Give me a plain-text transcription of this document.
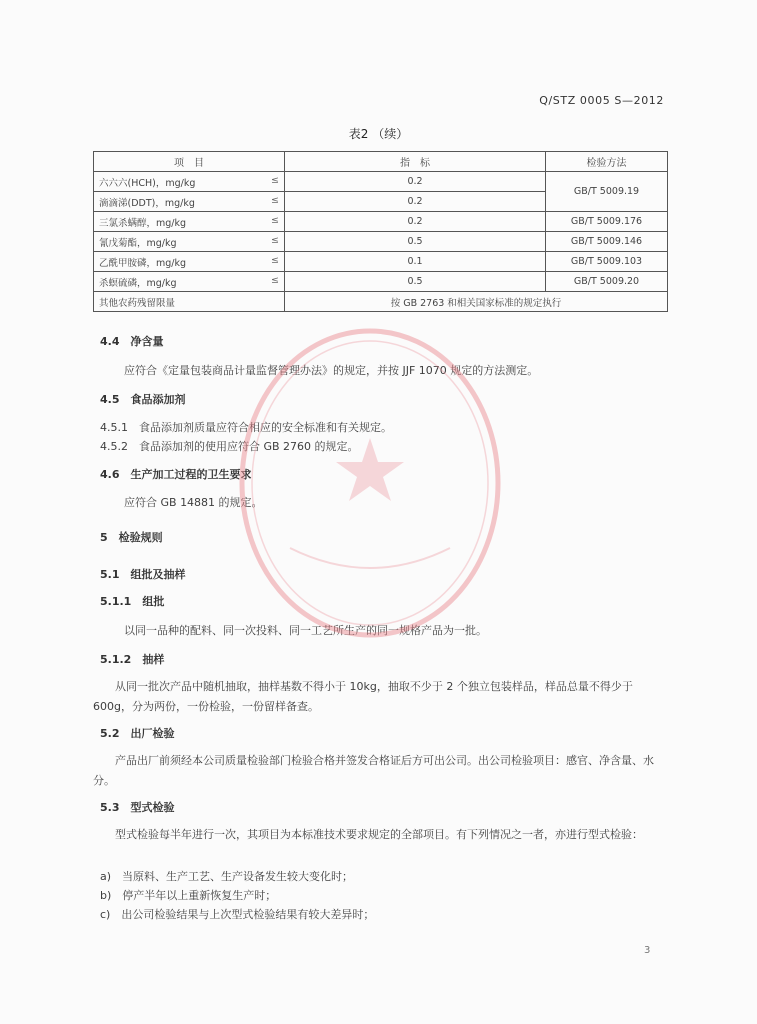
Q/STZ 0005 S—2012
表2 （续）
项　目	指　标	检验方法
六六六(HCH)，mg/kg ≤	0.2	GB/T 5009.19
滴滴涕(DDT)，mg/kg ≤	0.2	
三氯杀螨醇，mg/kg ≤	0.2	GB/T 5009.176
氰戊菊酯，mg/kg ≤	0.5	GB/T 5009.146
乙酰甲胺磷，mg/kg ≤	0.1	GB/T 5009.103
杀螟硫磷，mg/kg ≤	0.5	GB/T 5009.20
其他农药残留限量	按 GB 2763 和相关国家标准的规定执行	
4.4　净含量
应符合《定量包装商品计量监督管理办法》的规定，并按 JJF 1070 规定的方法测定。
4.5　食品添加剂
4.5.1　食品添加剂质量应符合相应的安全标准和有关规定。
4.5.2　食品添加剂的使用应符合 GB 2760 的规定。
4.6　生产加工过程的卫生要求
应符合 GB 14881 的规定。
5　检验规则
5.1　组批及抽样
5.1.1　组批
以同一品种的配料、同一次投料、同一工艺所生产的同一规格产品为一批。
5.1.2　抽样
从同一批次产品中随机抽取，抽样基数不得小于 10kg，抽取不少于 2 个独立包装样品，样品总量不得少于 600g，分为两份，一份检验，一份留样备查。
5.2　出厂检验
产品出厂前须经本公司质量检验部门检验合格并签发合格证后方可出公司。出公司检验项目：感官、净含量、水分。
5.3　型式检验
型式检验每半年进行一次，其项目为本标准技术要求规定的全部项目。有下列情况之一者，亦进行型式检验：
a)　当原料、生产工艺、生产设备发生较大变化时；
b)　停产半年以上重新恢复生产时；
c)　出公司检验结果与上次型式检验结果有较大差异时；
3
